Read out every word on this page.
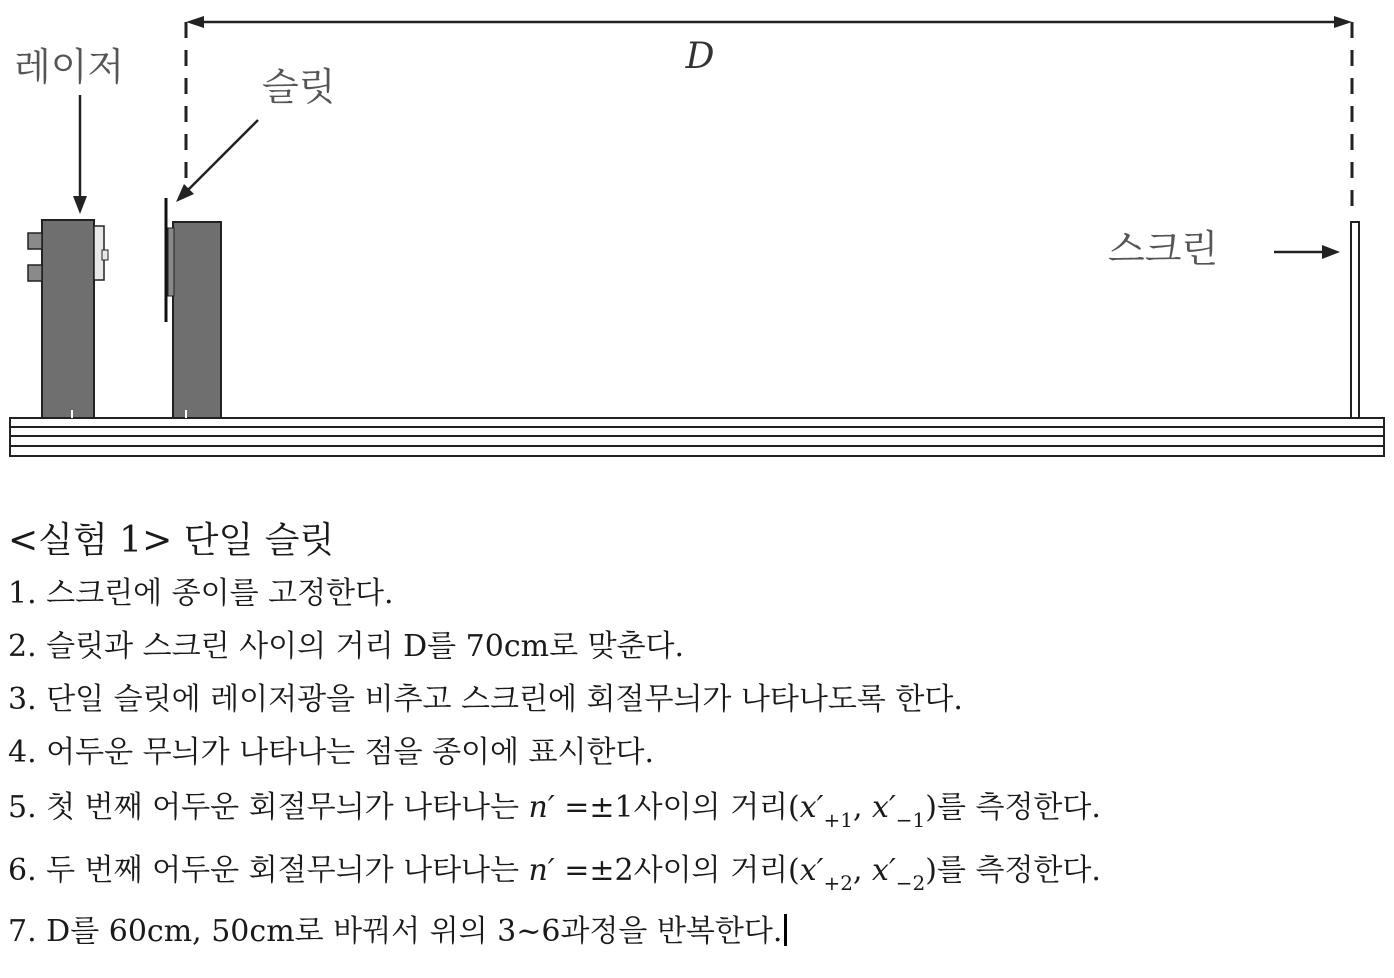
D
레이저	슬릿
스크린
<실험 1> 단일 슬릿
1. 스크린에 종이를 고정한다.
2. 슬릿과 스크린 사이의 거리 D를 70cm로 맞춘다.
3. 단일 슬릿에 레이저광을 비추고 스크린에 회절무늬가 나타나도록 한다.
4. 어두운 무늬가 나타나는 점을 종이에 표시한다.
5. 첫 번째 어두운 회절무늬가 나타나는 n′ =±1사이의 거리($x'_{+1}$, $x'_{-1}$)를 측정한다.
6. 두 번째 어두운 회절무늬가 나타나는 n′ =±2사이의 거리($x'_{+2}$, $x'_{-2}$)를 측정한다.
7. D를 60cm, 50cm로 바꿔서 위의 3~6과정을 반복한다.
